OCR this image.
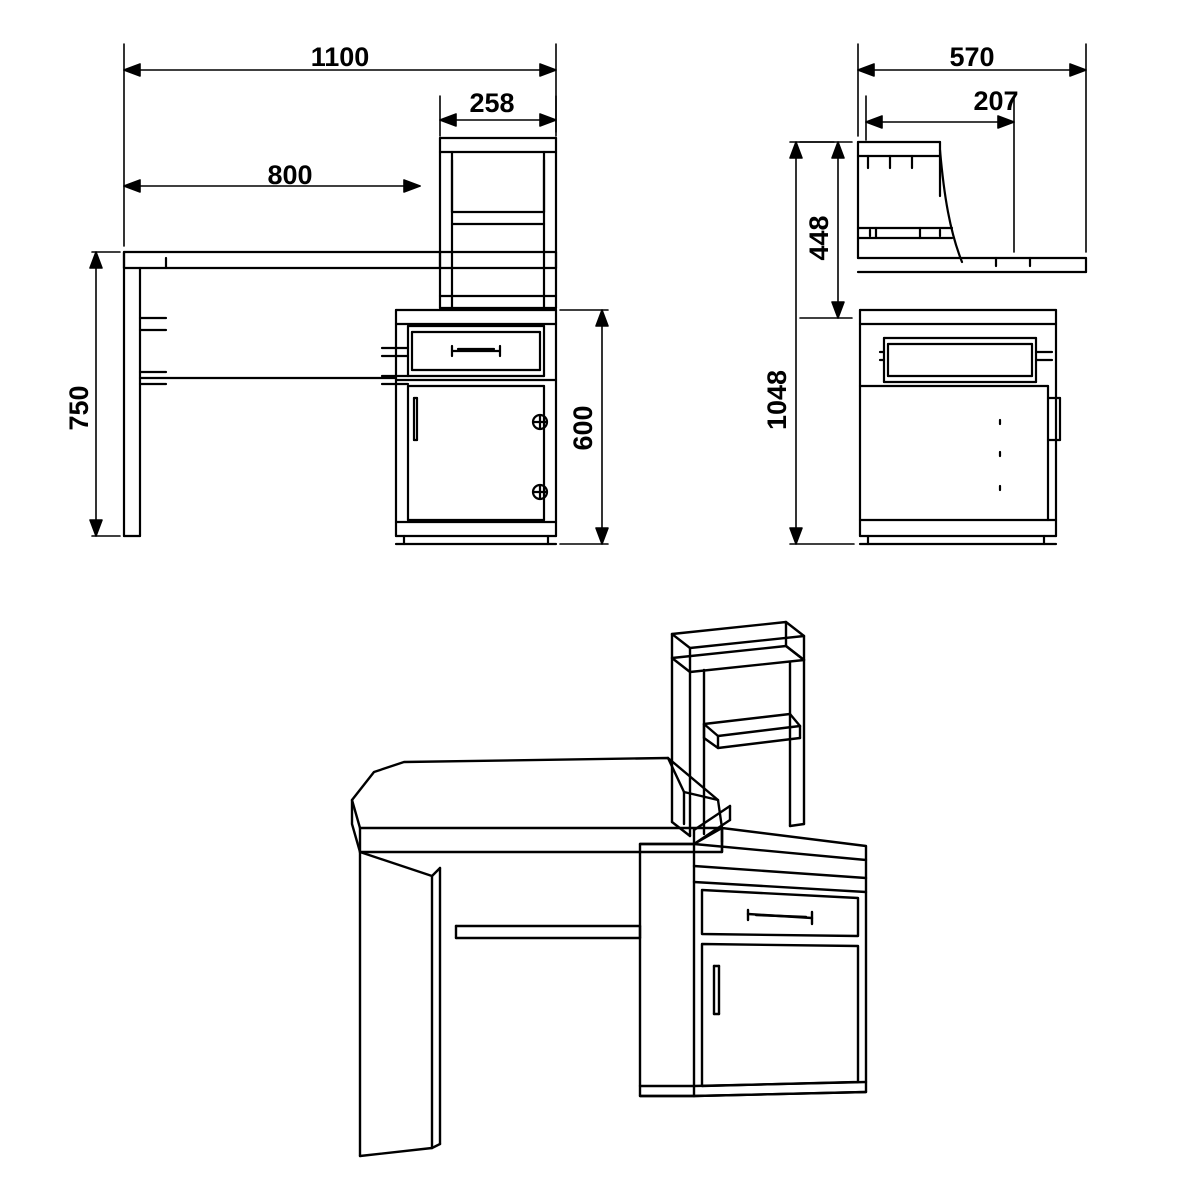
1100
258
800
750	600
570
207
448
1048
